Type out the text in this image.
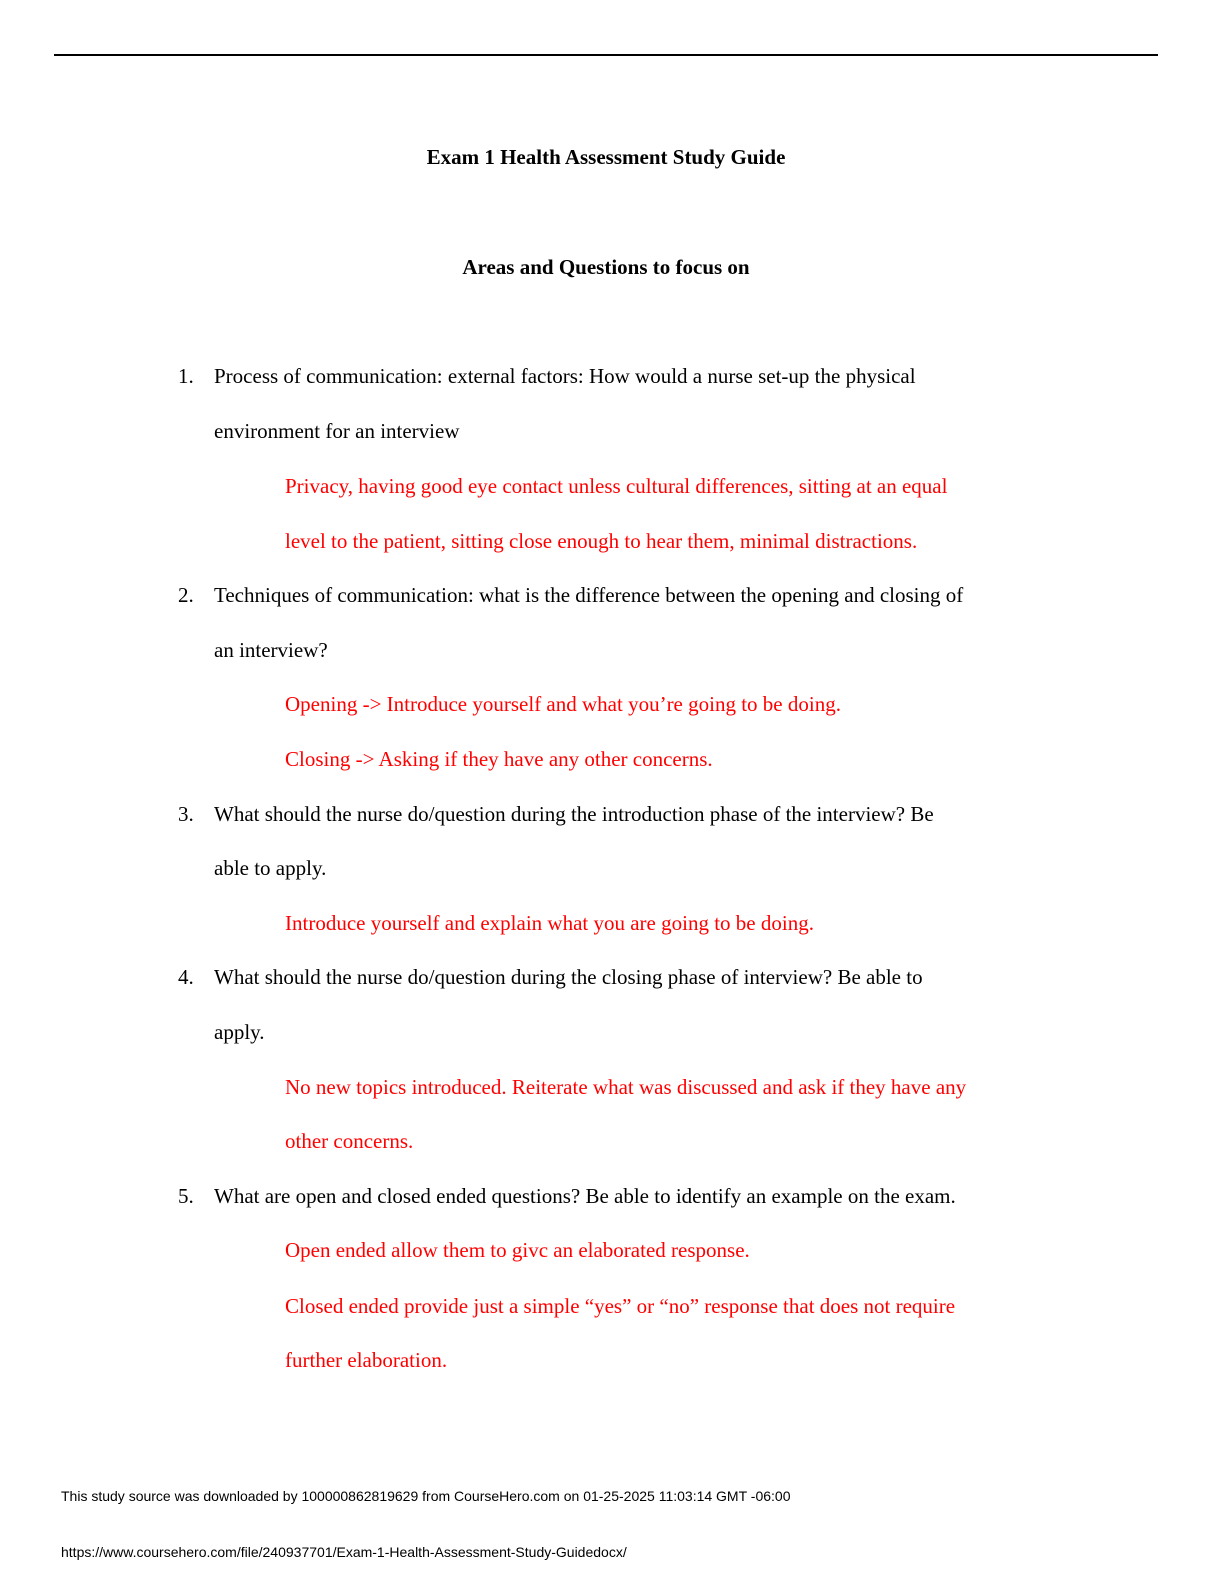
Exam 1 Health Assessment Study Guide
Areas and Questions to focus on
1. Process of communication: external factors: How would a nurse set-up the physical
environment for an interview
Privacy, having good eye contact unless cultural differences, sitting at an equal
level to the patient, sitting close enough to hear them, minimal distractions.
2. Techniques of communication: what is the difference between the opening and closing of
an interview?
Opening -> Introduce yourself and what you’re going to be doing.
Closing -> Asking if they have any other concerns.
3. What should the nurse do/question during the introduction phase of the interview? Be
able to apply.
Introduce yourself and explain what you are going to be doing.
4. What should the nurse do/question during the closing phase of interview? Be able to
apply.
No new topics introduced. Reiterate what was discussed and ask if they have any
other concerns.
5. What are open and closed ended questions? Be able to identify an example on the exam.
Open ended allow them to givc an elaborated response.
Closed ended provide just a simple “yes” or “no” response that does not require
further elaboration.
This study source was downloaded by 100000862819629 from CourseHero.com on 01-25-2025 11:03:14 GMT -06:00
https://www.coursehero.com/file/240937701/Exam-1-Health-Assessment-Study-Guidedocx/
